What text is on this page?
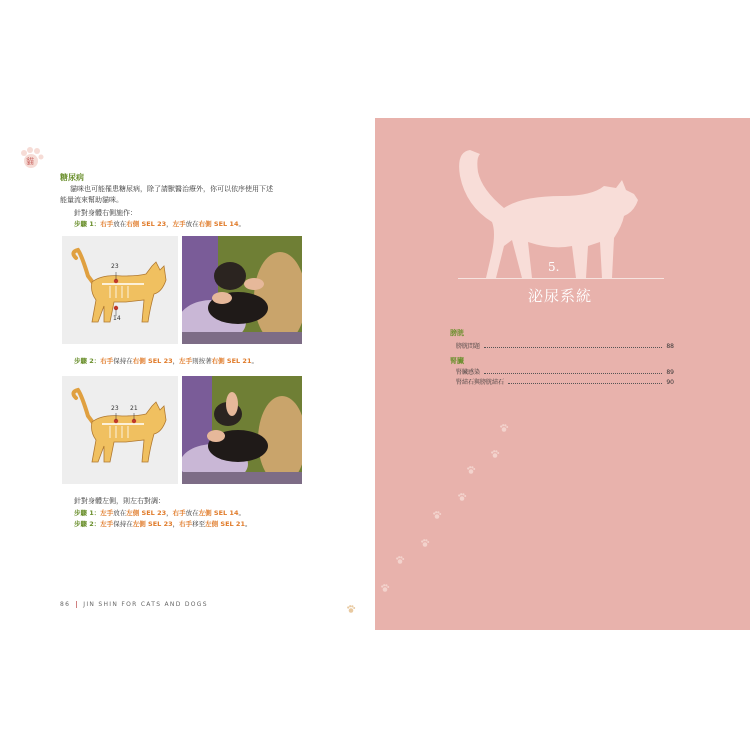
貓
糖尿病
貓咪也可能罹患糖尿病，除了請獸醫治療外，你可以依序使用下述
能量流來幫助貓咪。
針對身體右側施作：
步驟 1：右手放在右側 SEL 23，左手放在右側 SEL 14。
23
14
步驟 2：右手保持在右側 SEL 23，左手則按著右側 SEL 21。
23 21
針對身體左側，則左右對調：
步驟 1：左手放在左側 SEL 23，右手放在左側 SEL 14。
步驟 2：左手保持在左側 SEL 23，右手移至左側 SEL 21。
86 JIN SHIN FOR CATS AND DOGS
5.
泌尿系統
膀胱
膀胱問題	88
腎臟
腎臟感染	89
腎結石與膀胱結石	90
